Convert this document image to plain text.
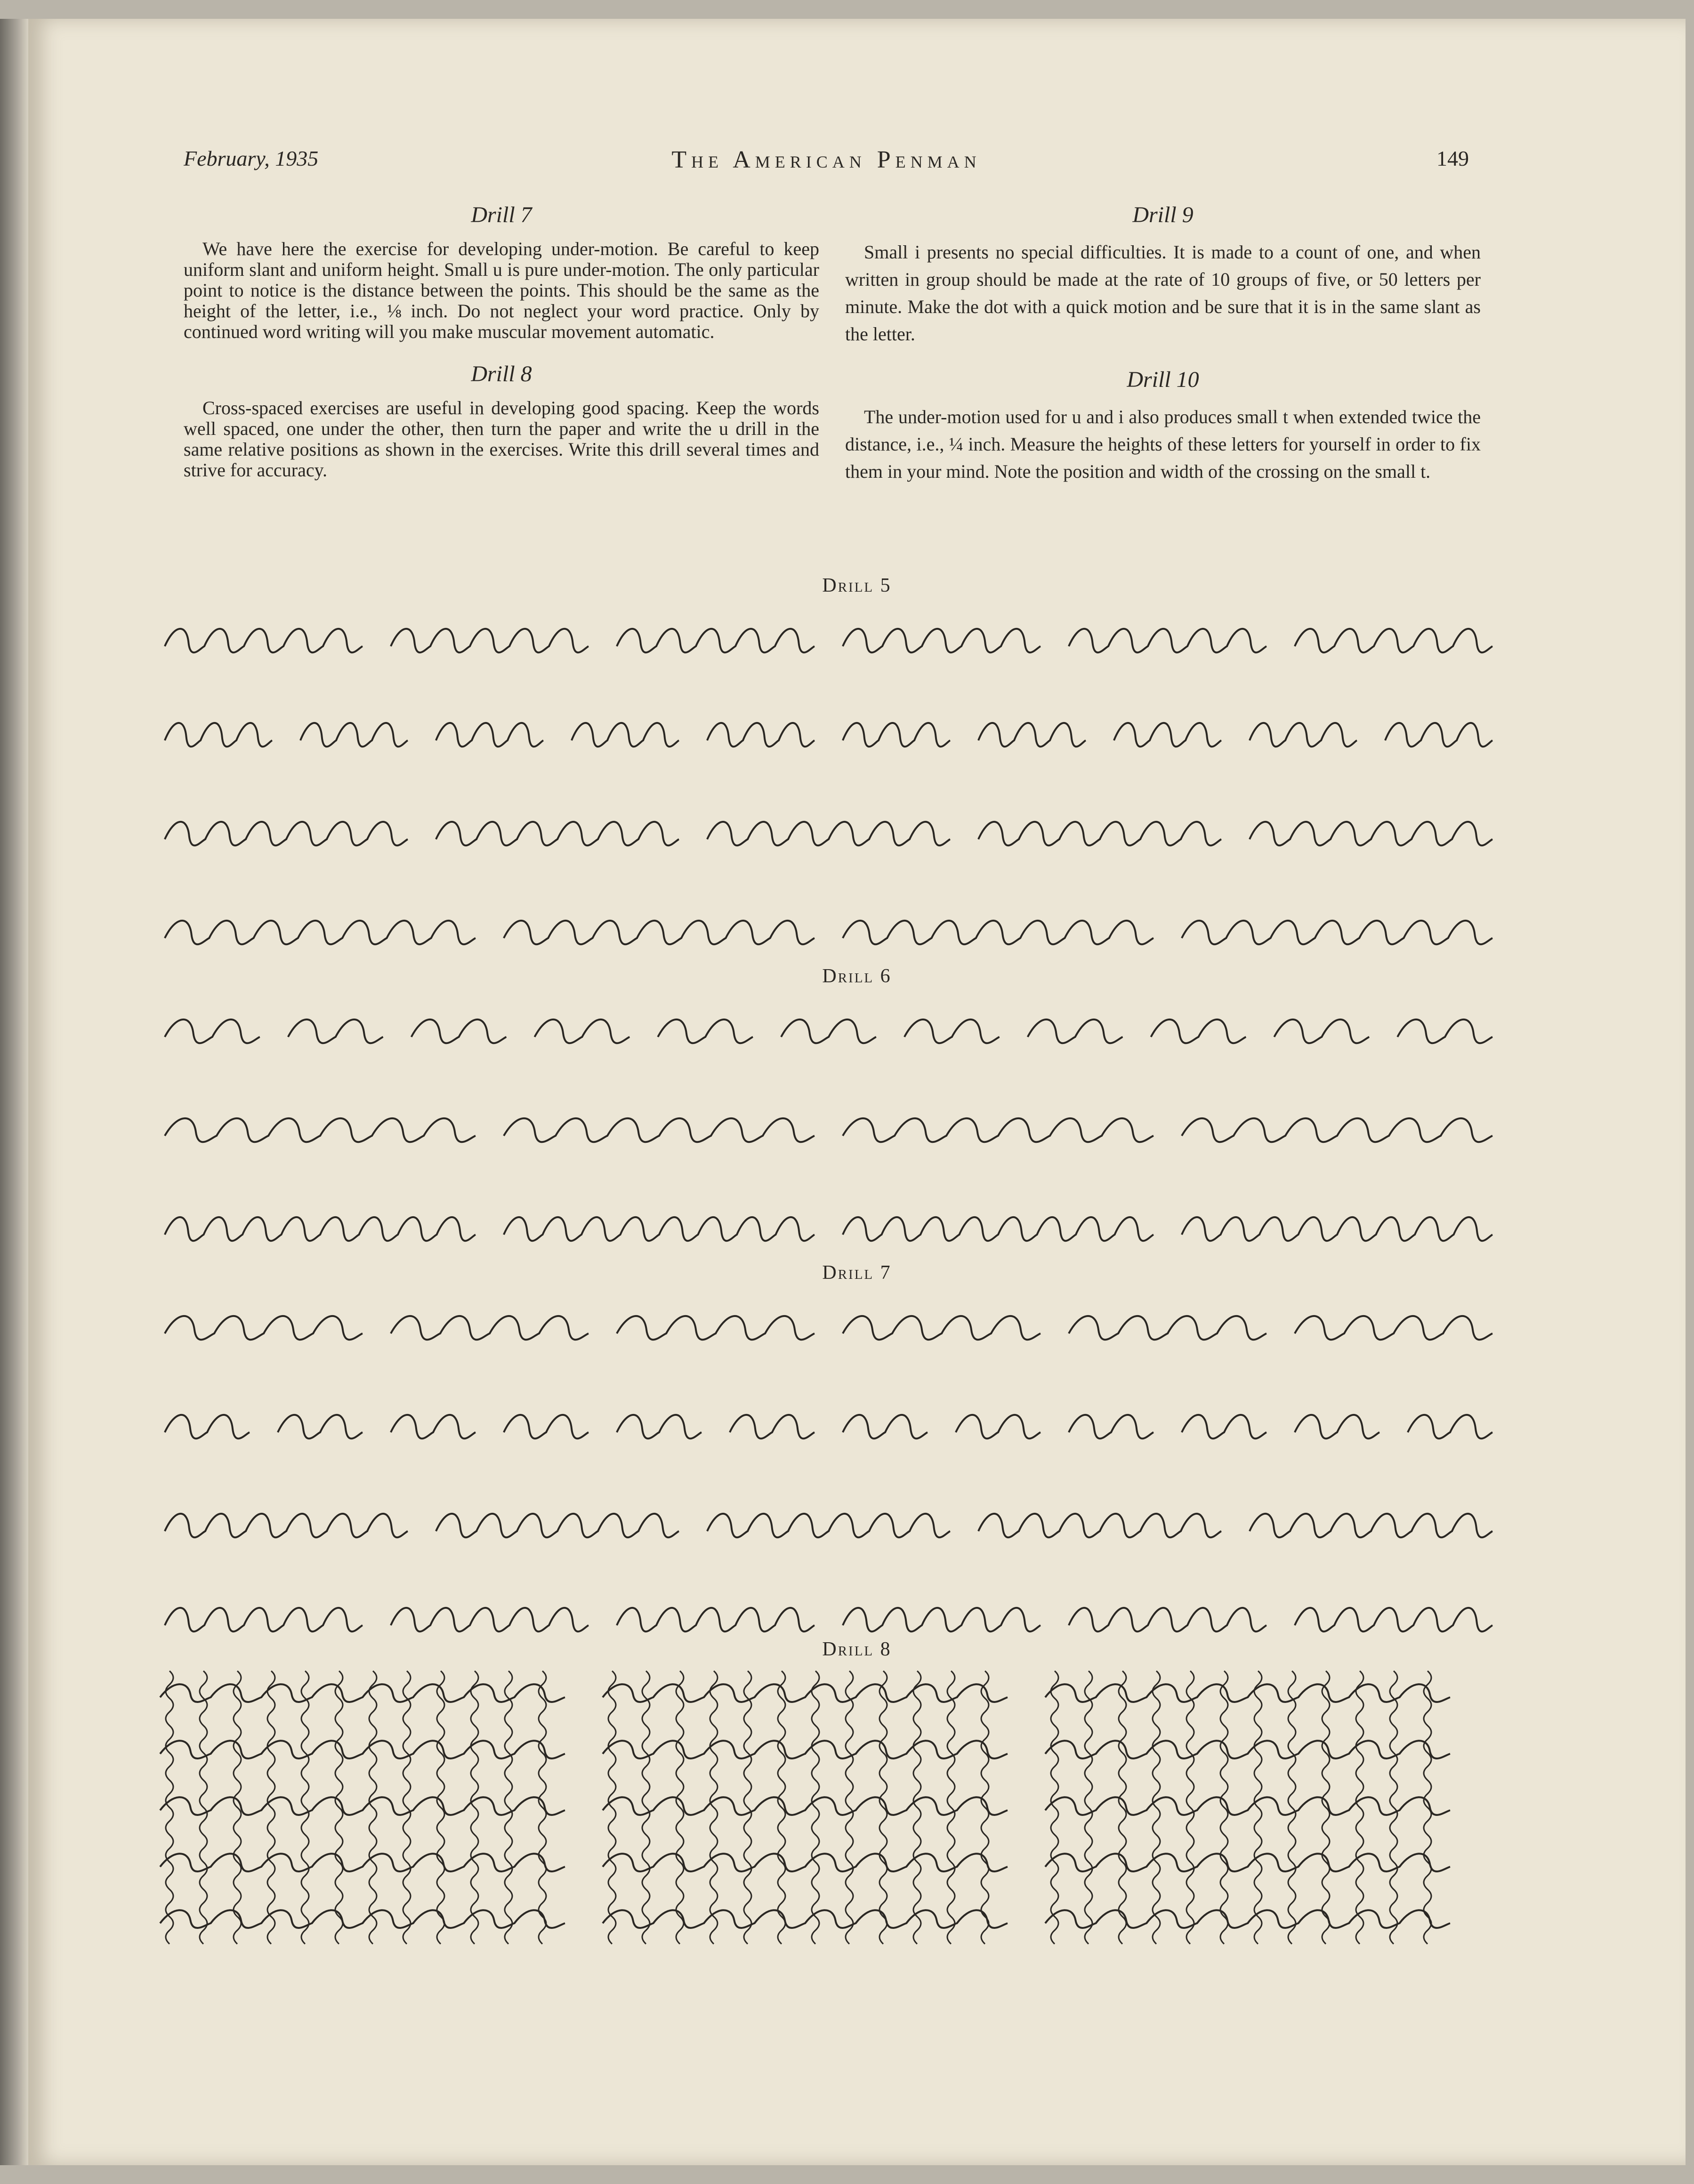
February, 1935	The American Penman	149
Drill 7

We have here the exercise for developing under-motion. Be careful to keep uniform slant and uniform height. Small u is pure under-motion. The only particular point to notice is the distance between the points. This should be the same as the height of the letter, i.e., ⅛ inch. Do not neglect your word practice. Only by continued word writing will you make muscular movement automatic.

Drill 8

Cross-spaced exercises are useful in developing good spacing. Keep the words well spaced, one under the other, then turn the paper and write the u drill in the same relative positions as shown in the exercises. Write this drill several times and strive for accuracy.

Drill 9

Small i presents no special difficulties. It is made to a count of one, and when written in group should be made at the rate of 10 groups of five, or 50 letters per minute. Make the dot with a quick motion and be sure that it is in the same slant as the letter.

Drill 10

The under-motion used for u and i also produces small t when extended twice the distance, i.e., ¼ inch. Measure the heights of these letters for yourself in order to fix them in your mind. Note the position and width of the crossing on the small t.

Drill 5
Drill 6
Drill 7
Drill 8
